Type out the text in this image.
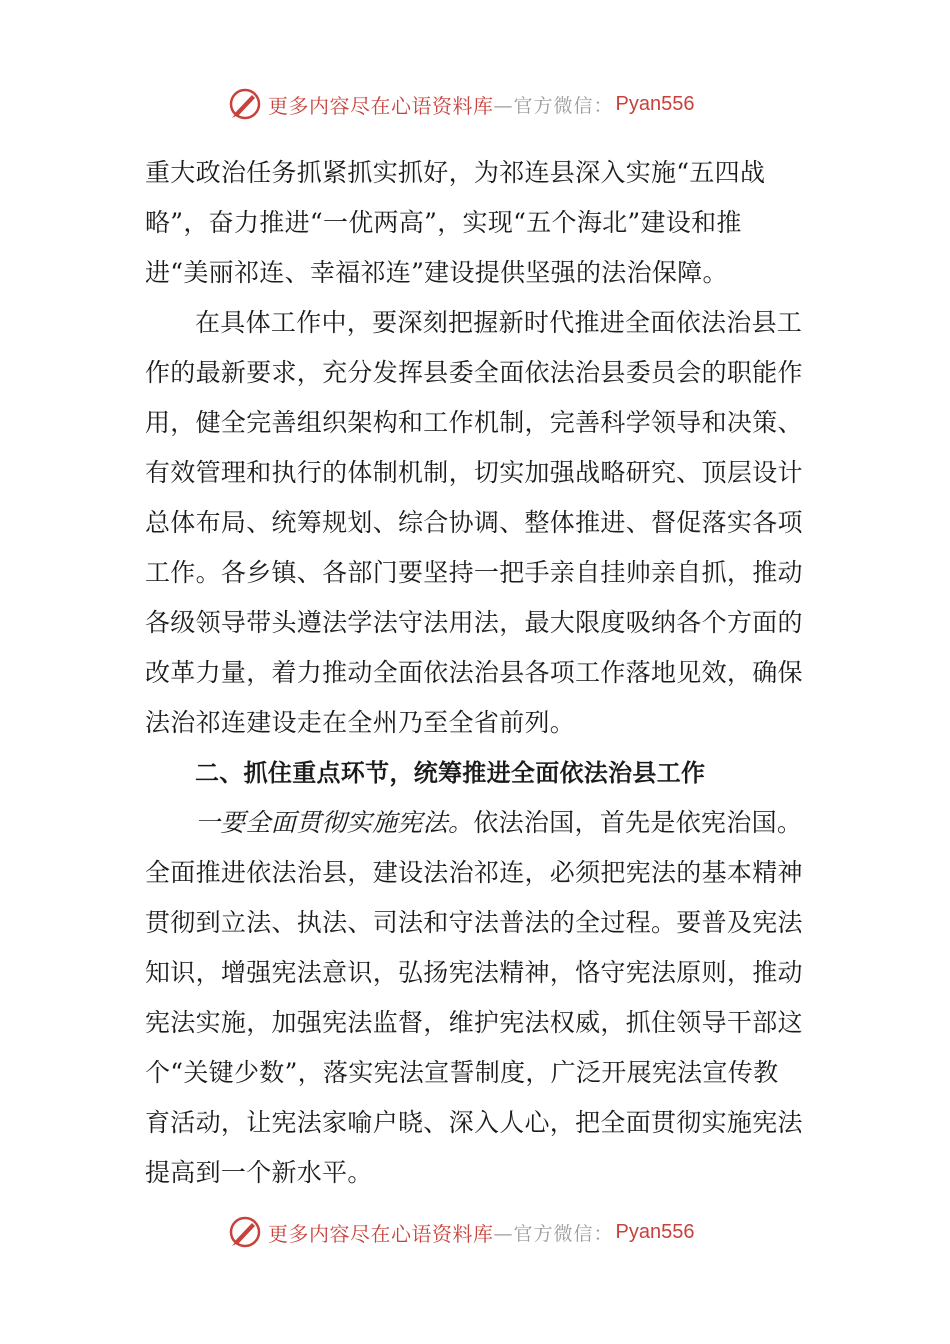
更多内容尽在心语资料库 —官方微信： Pyan556
重大政治任务抓紧抓实抓好，为祁连县深入实施“五四战
略”，奋力推进“一优两高”，实现“五个海北”建设和推
进“美丽祁连、幸福祁连”建设提供坚强的法治保障。
在具体工作中，要深刻把握新时代推进全面依法治县工
作的最新要求，充分发挥县委全面依法治县委员会的职能作
用，健全完善组织架构和工作机制，完善科学领导和决策、
有效管理和执行的体制机制，切实加强战略研究、顶层设计
总体布局、统筹规划、综合协调、整体推进、督促落实各项
工作。各乡镇、各部门要坚持一把手亲自挂帅亲自抓，推动
各级领导带头遵法学法守法用法，最大限度吸纳各个方面的
改革力量，着力推动全面依法治县各项工作落地见效，确保
法治祁连建设走在全州乃至全省前列。
二、抓住重点环节，统筹推进全面依法治县工作
一要全面贯彻实施宪法。依法治国，首先是依宪治国。
全面推进依法治县，建设法治祁连，必须把宪法的基本精神
贯彻到立法、执法、司法和守法普法的全过程。要普及宪法
知识，增强宪法意识，弘扬宪法精神，恪守宪法原则，推动
宪法实施，加强宪法监督，维护宪法权威，抓住领导干部这
个“关键少数”，落实宪法宣誓制度，广泛开展宪法宣传教
育活动，让宪法家喻户晓、深入人心，把全面贯彻实施宪法
提高到一个新水平。
更多内容尽在心语资料库 —官方微信： Pyan556
